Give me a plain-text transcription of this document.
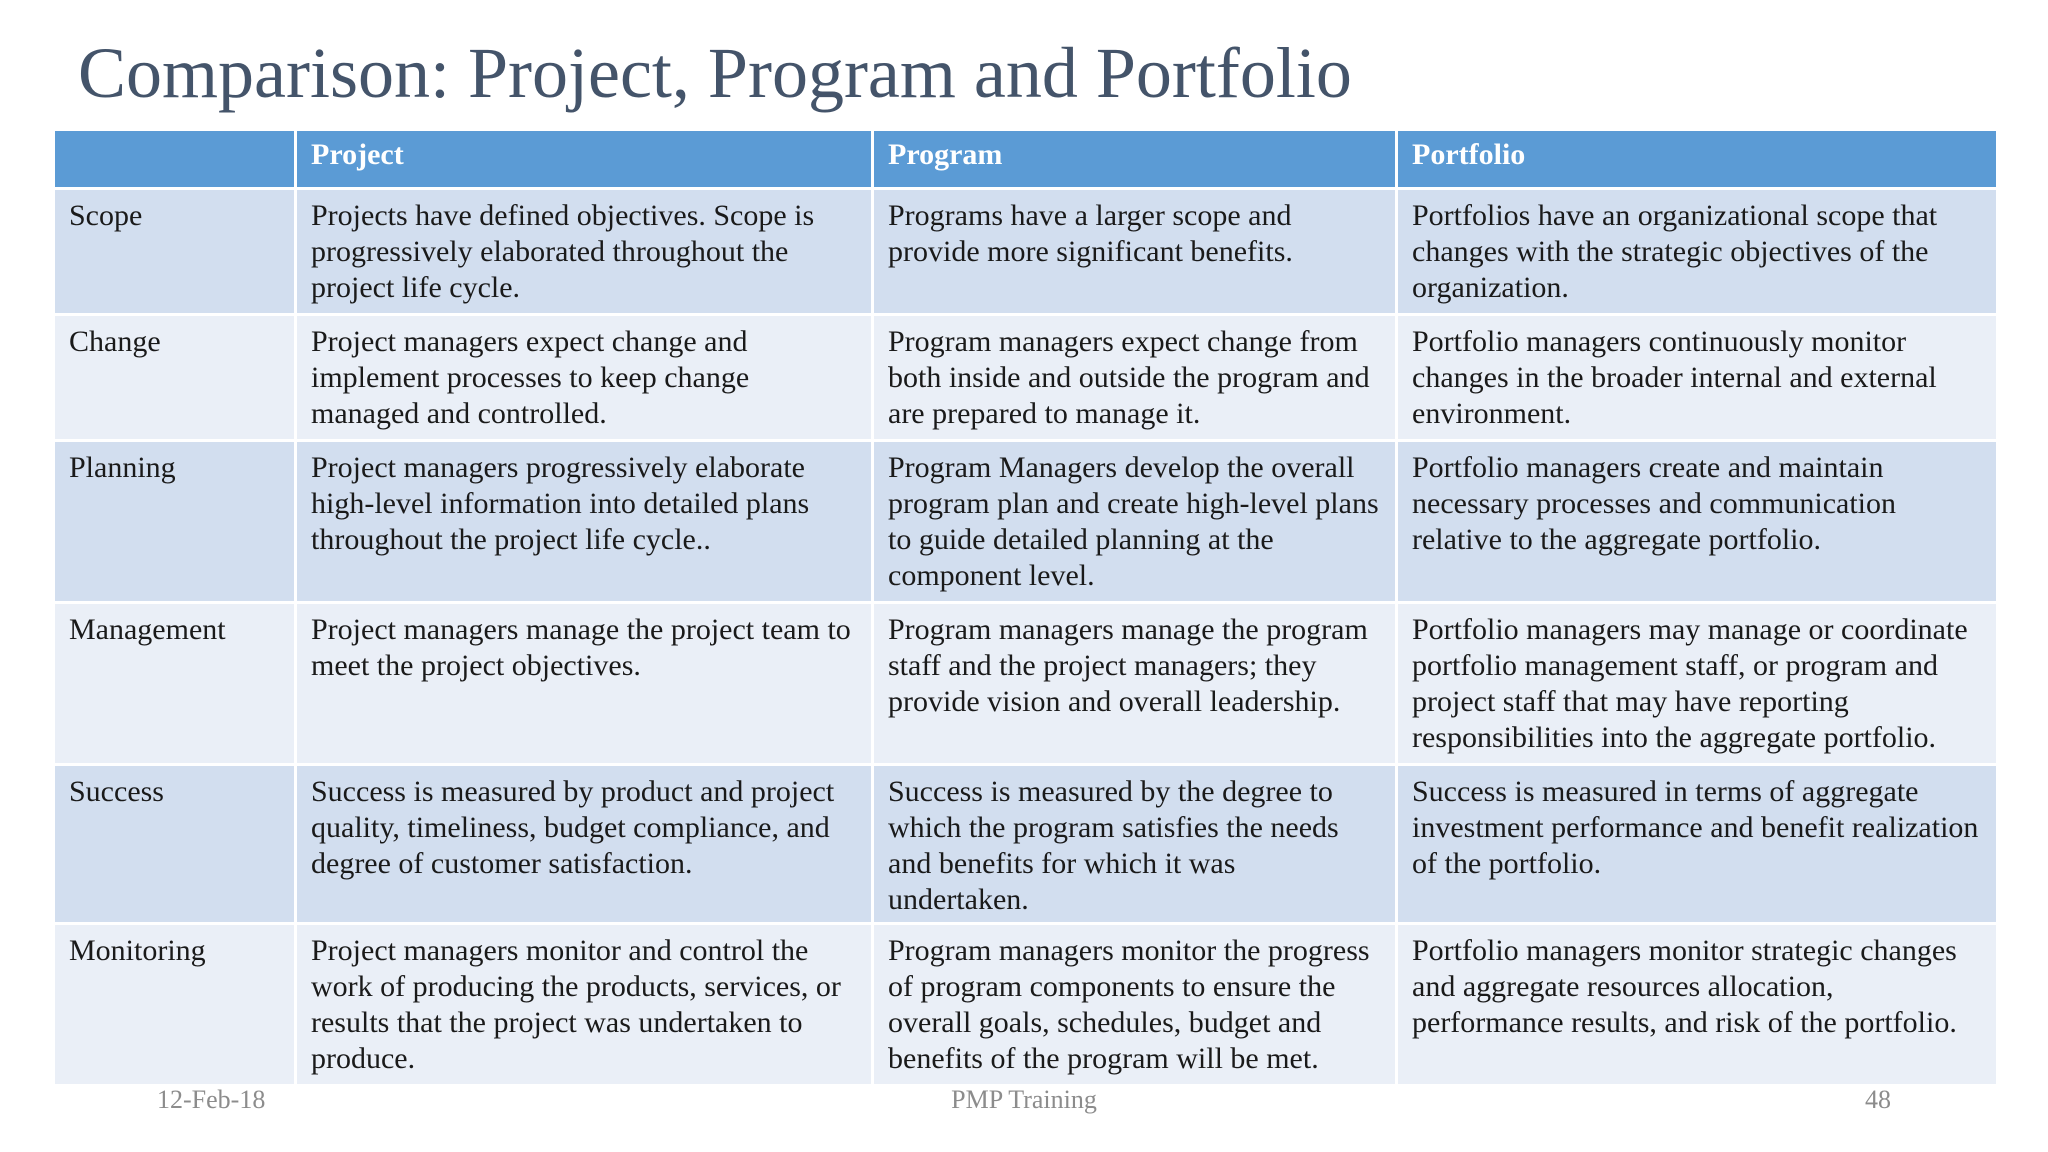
Comparison: Project, Program and Portfolio
	Project	Program	Portfolio
Scope	Projects have defined objectives. Scope is progressively elaborated throughout the project life cycle.	Programs have a larger scope and provide more significant benefits.	Portfolios have an organizational scope that changes with the strategic objectives of the organization.
Change	Project managers expect change and implement processes to keep change managed and controlled.	Program managers expect change from both inside and outside the program and are prepared to manage it.	Portfolio managers continuously monitor changes in the broader internal and external environment.
Planning	Project managers progressively elaborate high-level information into detailed plans throughout the project life cycle..	Program Managers develop the overall program plan and create high-level plans to guide detailed planning at the component level.	Portfolio managers create and maintain necessary processes and communication relative to the aggregate portfolio.
Management	Project managers manage the project team to meet the project objectives.	Program managers manage the program staff and the project managers; they provide vision and overall leadership.	Portfolio managers may manage or coordinate portfolio management staff, or program and project staff that may have reporting responsibilities into the aggregate portfolio.
Success	Success is measured by product and project quality, timeliness, budget compliance, and degree of customer satisfaction.	Success is measured by the degree to which the program satisfies the needs and benefits for which it was undertaken.	Success is measured in terms of aggregate investment performance and benefit realization of the portfolio.
Monitoring	Project managers monitor and control the work of producing the products, services, or results that the project was undertaken to produce.	Program managers monitor the progress of program components to ensure the overall goals, schedules, budget and benefits of the program will be met.	Portfolio managers monitor strategic changes and aggregate resources allocation, performance results, and risk of the portfolio.
12-Feb-18	PMP Training	48
